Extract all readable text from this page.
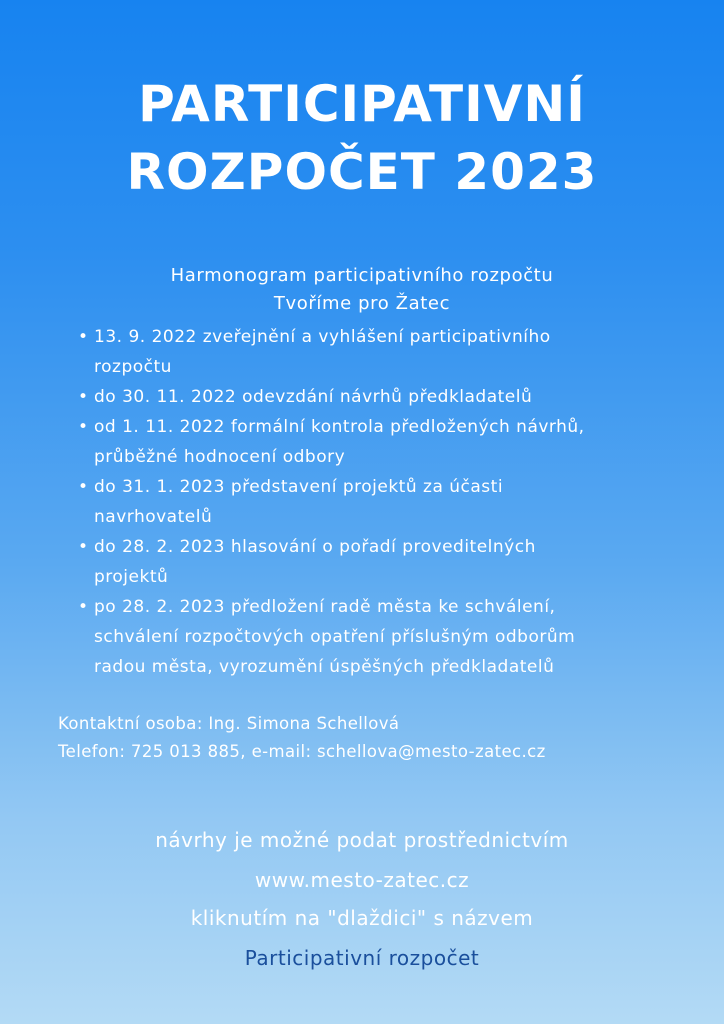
PARTICIPATIVNÍ
ROZPOČET 2023
Harmonogram participativního rozpočtu
Tvoříme pro Žatec
• 13. 9. 2022 zveřejnění a vyhlášení participativního
rozpočtu
• do 30. 11. 2022 odevzdání návrhů předkladatelů
• od 1. 11. 2022 formální kontrola předložených návrhů,
průběžné hodnocení odbory
• do 31. 1. 2023 představení projektů za účasti
navrhovatelů
• do 28. 2. 2023 hlasování o pořadí proveditelných
projektů
• po 28. 2. 2023 předložení radě města ke schválení,
schválení rozpočtových opatření příslušným odborům
radou města, vyrozumění úspěšných předkladatelů
Kontaktní osoba: Ing. Simona Schellová
Telefon: 725 013 885, e-mail: schellova@mesto-zatec.cz
návrhy je možné podat prostřednictvím
www.mesto-zatec.cz
kliknutím na "dlaždici" s názvem
Participativní rozpočet
